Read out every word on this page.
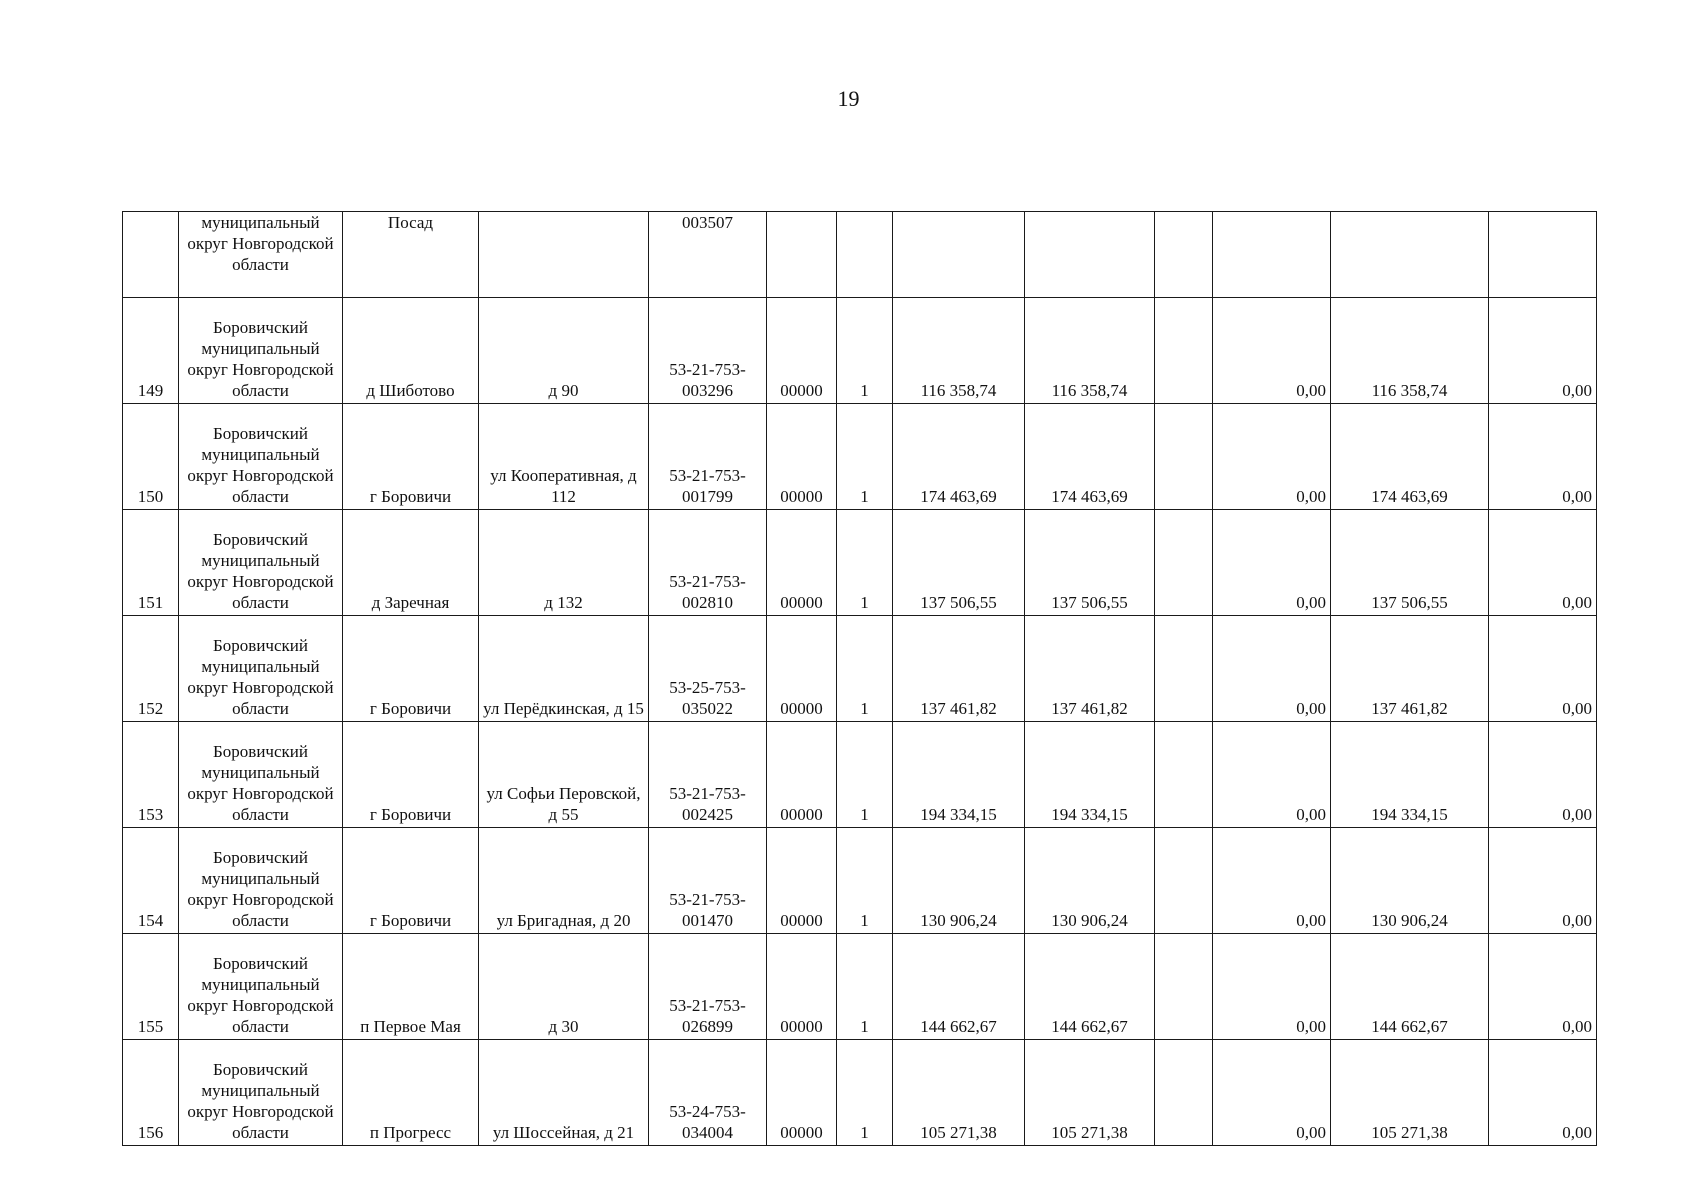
19
	муниципальный округ Новгородской области	Посад		003507								
149	Боровичский муниципальный округ Новгородской области	д Шиботово	д 90	53-21-753-003296	00000	1	116 358,74	116 358,74		0,00	116 358,74	0,00
150	Боровичский муниципальный округ Новгородской области	г Боровичи	ул Кооперативная, д 112	53-21-753-001799	00000	1	174 463,69	174 463,69		0,00	174 463,69	0,00
151	Боровичский муниципальный округ Новгородской области	д Заречная	д 132	53-21-753-002810	00000	1	137 506,55	137 506,55		0,00	137 506,55	0,00
152	Боровичский муниципальный округ Новгородской области	г Боровичи	ул Перёдкинская, д 15	53-25-753-035022	00000	1	137 461,82	137 461,82		0,00	137 461,82	0,00
153	Боровичский муниципальный округ Новгородской области	г Боровичи	ул Софьи Перовской, д 55	53-21-753-002425	00000	1	194 334,15	194 334,15		0,00	194 334,15	0,00
154	Боровичский муниципальный округ Новгородской области	г Боровичи	ул Бригадная, д 20	53-21-753-001470	00000	1	130 906,24	130 906,24		0,00	130 906,24	0,00
155	Боровичский муниципальный округ Новгородской области	п Первое Мая	д 30	53-21-753-026899	00000	1	144 662,67	144 662,67		0,00	144 662,67	0,00
156	Боровичский муниципальный округ Новгородской области	п Прогресс	ул Шоссейная, д 21	53-24-753-034004	00000	1	105 271,38	105 271,38		0,00	105 271,38	0,00
